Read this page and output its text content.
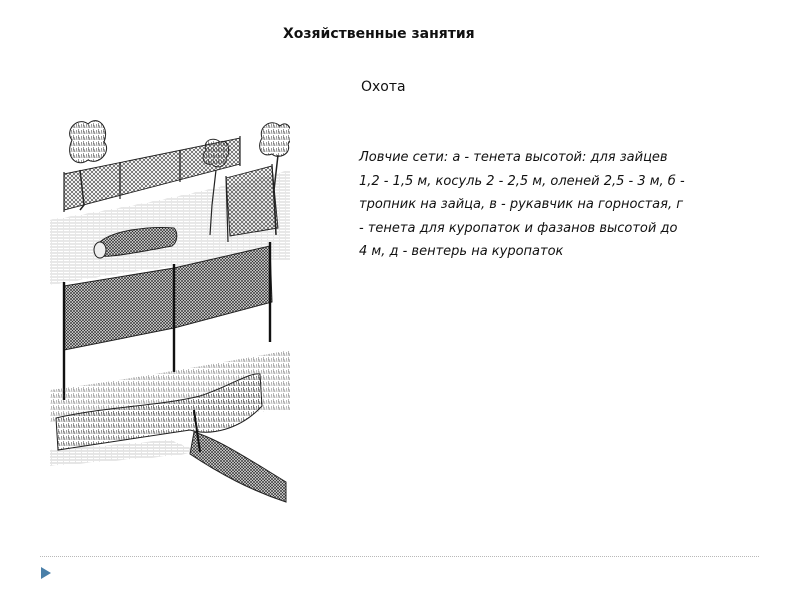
Хозяйственные занятия
Охота
Ловчие сети: а - тенета высотой: для зайцев 1,2 - 1,5 м, косуль 2 - 2,5 м, оленей 2,5 - 3 м, б - тропник на зайца, в - рукавчик на горностая, г - тенета для куропаток и фазанов высотой до 4 м, д - вентерь на куропаток
